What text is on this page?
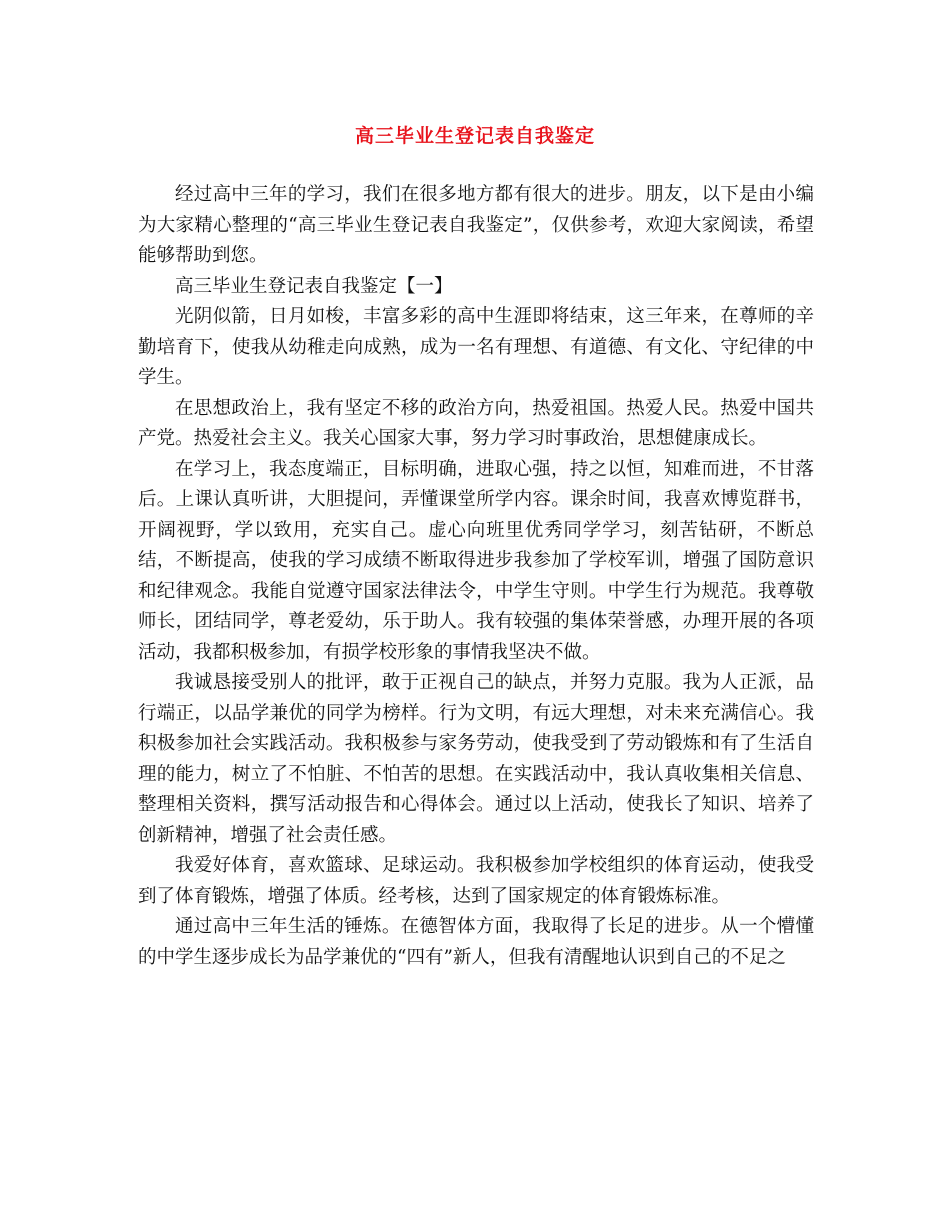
高三毕业生登记表自我鉴定

经过高中三年的学习，我们在很多地方都有很大的进步。朋友，以下是由小编为大家精心整理的“高三毕业生登记表自我鉴定”，仅供参考，欢迎大家阅读，希望能够帮助到您。

高三毕业生登记表自我鉴定【一】

光阴似箭，日月如梭，丰富多彩的高中生涯即将结束，这三年来，在尊师的辛勤培育下，使我从幼稚走向成熟，成为一名有理想、有道德、有文化、守纪律的中学生。

在思想政治上，我有坚定不移的政治方向，热爱祖国。热爱人民。热爱中国共产党。热爱社会主义。我关心国家大事，努力学习时事政治，思想健康成长。

在学习上，我态度端正，目标明确，进取心强，持之以恒，知难而进，不甘落后。上课认真听讲，大胆提问，弄懂课堂所学内容。课余时间，我喜欢博览群书，开阔视野，学以致用，充实自己。虚心向班里优秀同学学习，刻苦钻研，不断总结，不断提高，使我的学习成绩不断取得进步我参加了学校军训，增强了国防意识和纪律观念。我能自觉遵守国家法律法令，中学生守则。中学生行为规范。我尊敬师长，团结同学，尊老爱幼，乐于助人。我有较强的集体荣誉感，办理开展的各项活动，我都积极参加，有损学校形象的事情我坚决不做。

我诚恳接受别人的批评，敢于正视自己的缺点，并努力克服。我为人正派，品行端正，以品学兼优的同学为榜样。行为文明，有远大理想，对未来充满信心。我积极参加社会实践活动。我积极参与家务劳动，使我受到了劳动锻炼和有了生活自理的能力，树立了不怕脏、不怕苦的思想。在实践活动中，我认真收集相关信息、整理相关资料，撰写活动报告和心得体会。通过以上活动，使我长了知识、培养了创新精神，增强了社会责任感。

我爱好体育，喜欢篮球、足球运动。我积极参加学校组织的体育运动，使我受到了体育锻炼，增强了体质。经考核，达到了国家规定的体育锻炼标准。

通过高中三年生活的锤炼。在德智体方面，我取得了长足的进步。从一个懵懂的中学生逐步成长为品学兼优的“四有”新人，但我有清醒地认识到自己的不足之
